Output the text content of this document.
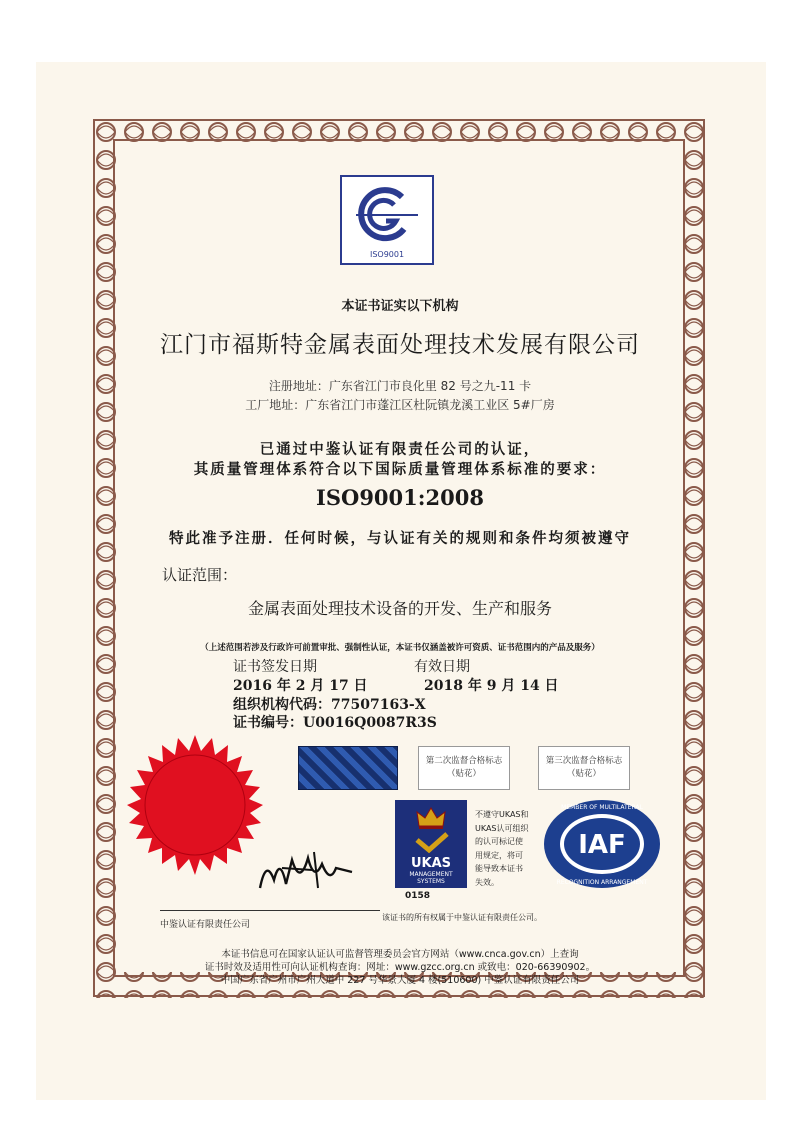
ISO9001
本证书证实以下机构
江门市福斯特金属表面处理技术发展有限公司
注册地址：广东省江门市良化里 82 号之九-11 卡
工厂地址：广东省江门市蓬江区杜阮镇龙溪工业区 5#厂房
已通过中鉴认证有限责任公司的认证，
其质量管理体系符合以下国际质量管理体系标准的要求：
ISO9001:2008
特此准予注册．任何时候，与认证有关的规则和条件均须被遵守
认证范围：
金属表面处理技术设备的开发、生产和服务
（上述范围若涉及行政许可前置审批、强制性认证，本证书仅涵盖被许可资质、证书范围内的产品及服务）
证书签发日期	有效日期
2016 年 2 月 17 日	2018 年 9 月 14 日
组织机构代码：77507163-X
证书编号：U0016Q0087R3S
第二次监督合格标志
（贴花）
第三次监督合格标志
（贴花）
UKAS
MANAGEMENT
SYSTEMS
0158
不遵守UKAS和
UKAS认可组织
的认可标记使
用规定，将可
能导致本证书
失效。
IAF
MEMBER OF MULTILATERAL
RECOGNITION ARRANGEMENT
中鉴认证有限责任公司
该证书的所有权属于中鉴认证有限责任公司。
本证书信息可在国家认证认可监督管理委员会官方网站（www.cnca.gov.cn）上查询
证书时效及适用性可向认证机构查询：网址：www.gzcc.org.cn 或致电：020-66390902。
中国广东省广州市广州大道中 227 号华景大厦 4 楼(510600) 中鉴认证有限责任公司
